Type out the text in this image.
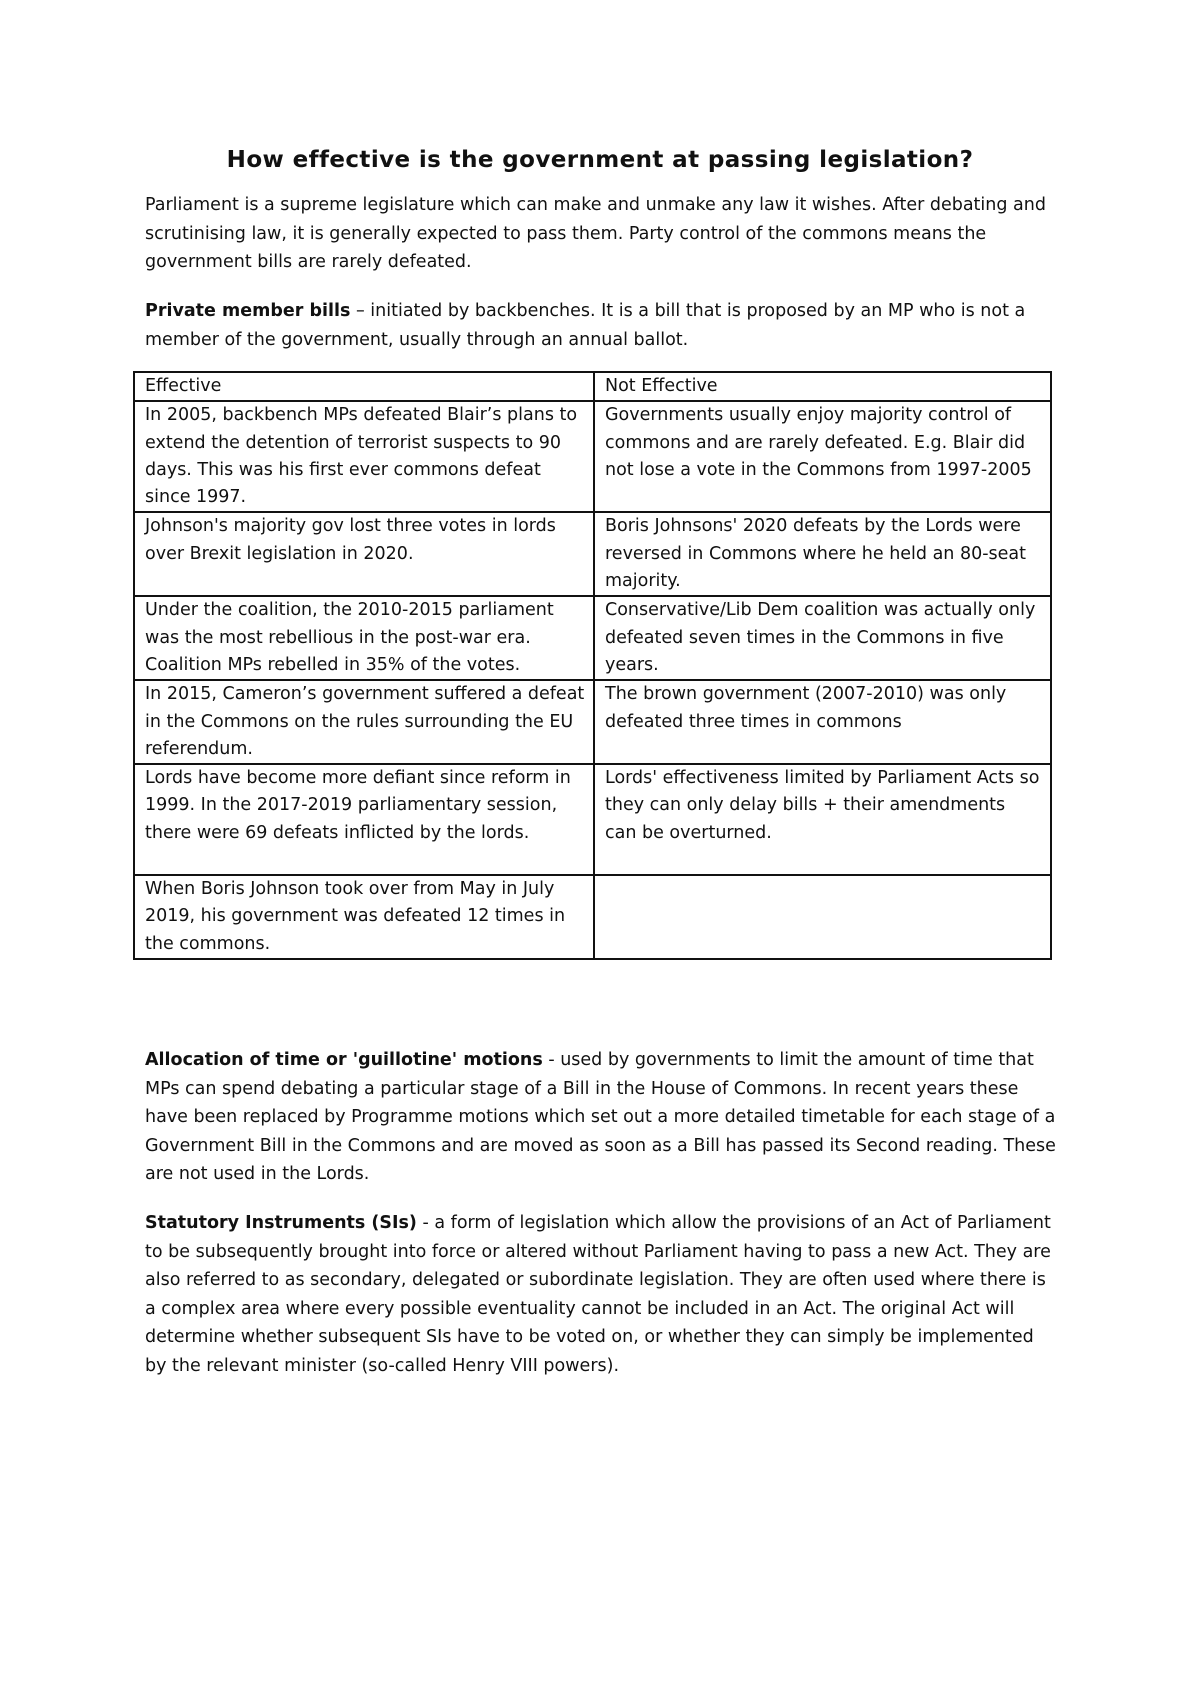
How effective is the government at passing legislation?

Parliament is a supreme legislature which can make and unmake any law it wishes. After debating and scrutinising law, it is generally expected to pass them. Party control of the commons means the government bills are rarely defeated.

Private member bills – initiated by backbenches. It is a bill that is proposed by an MP who is not a member of the government, usually through an annual ballot.

Effective	Not Effective
In 2005, backbench MPs defeated Blair’s plans to extend the detention of terrorist suspects to 90 days. This was his first ever commons defeat since 1997.	Governments usually enjoy majority control of commons and are rarely defeated. E.g. Blair did not lose a vote in the Commons from 1997-2005
Johnson's majority gov lost three votes in lords over Brexit legislation in 2020.	Boris Johnsons' 2020 defeats by the Lords were reversed in Commons where he held an 80-seat majority.
Under the coalition, the 2010-2015 parliament was the most rebellious in the post-war era. Coalition MPs rebelled in 35% of the votes.	Conservative/Lib Dem coalition was actually only defeated seven times in the Commons in five years.
In 2015, Cameron’s government suffered a defeat in the Commons on the rules surrounding the EU referendum.	The brown government (2007-2010) was only defeated three times in commons
Lords have become more defiant since reform in 1999. In the 2017-2019 parliamentary session, there were 69 defeats inflicted by the lords.	Lords' effectiveness limited by Parliament Acts so they can only delay bills + their amendments can be overturned.
When Boris Johnson took over from May in July 2019, his government was defeated 12 times in the commons.	

Allocation of time or 'guillotine' motions - used by governments to limit the amount of time that MPs can spend debating a particular stage of a Bill in the House of Commons. In recent years these have been replaced by Programme motions which set out a more detailed timetable for each stage of a Government Bill in the Commons and are moved as soon as a Bill has passed its Second reading. These are not used in the Lords.

Statutory Instruments (SIs) - a form of legislation which allow the provisions of an Act of Parliament to be subsequently brought into force or altered without Parliament having to pass a new Act. They are also referred to as secondary, delegated or subordinate legislation. They are often used where there is a complex area where every possible eventuality cannot be included in an Act. The original Act will determine whether subsequent SIs have to be voted on, or whether they can simply be implemented by the relevant minister (so-called Henry VIII powers).
